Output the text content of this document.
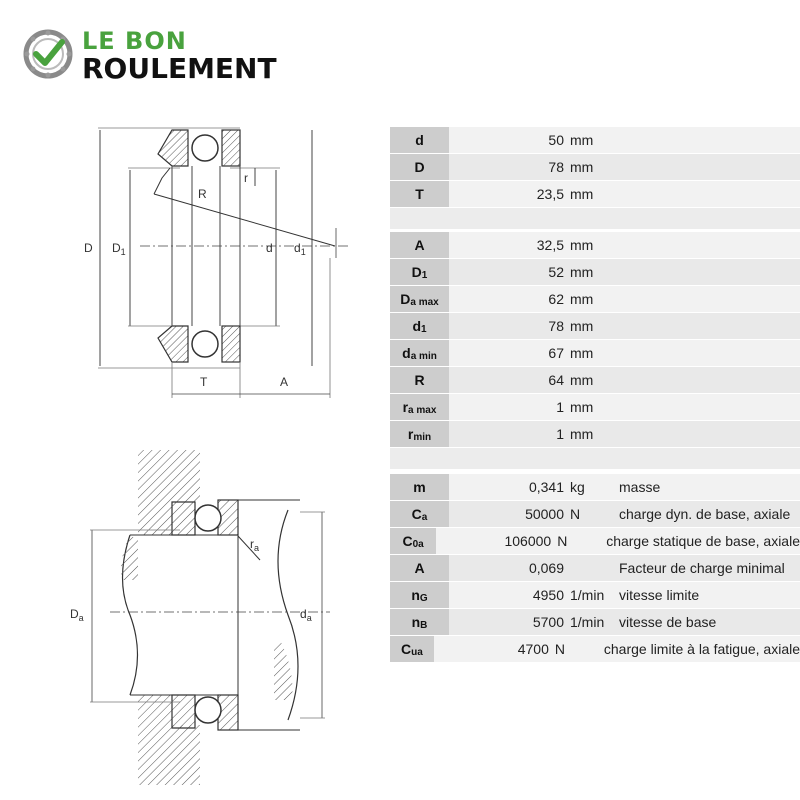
LE BON
ROULEMENT
D $D_1$
R
r
d $d_1$
T	A
$D_a$	$d_a$
$r_a$
d	50 mm
D	78 mm
T	23,5 mm
A	32,5 mm
$D_1$	52 mm
$D_{a max}$	62 mm
$d_1$	78 mm
$d_{a min}$	67 mm
R	64 mm
$r_{a max}$	1 mm
$r_{min}$	1 mm
m	0,341 kg	masse
$C_a$	50000 N	charge dyn. de base, axiale
$C_{0a}$	106000 N	charge statique de base, axiale
A	0,069	Facteur de charge minimal
$n_G$	4950 1/min	vitesse limite
$n_B$	5700 1/min	vitesse de base
$C_{ua}$	4700 N	charge limite à la fatigue, axiale
